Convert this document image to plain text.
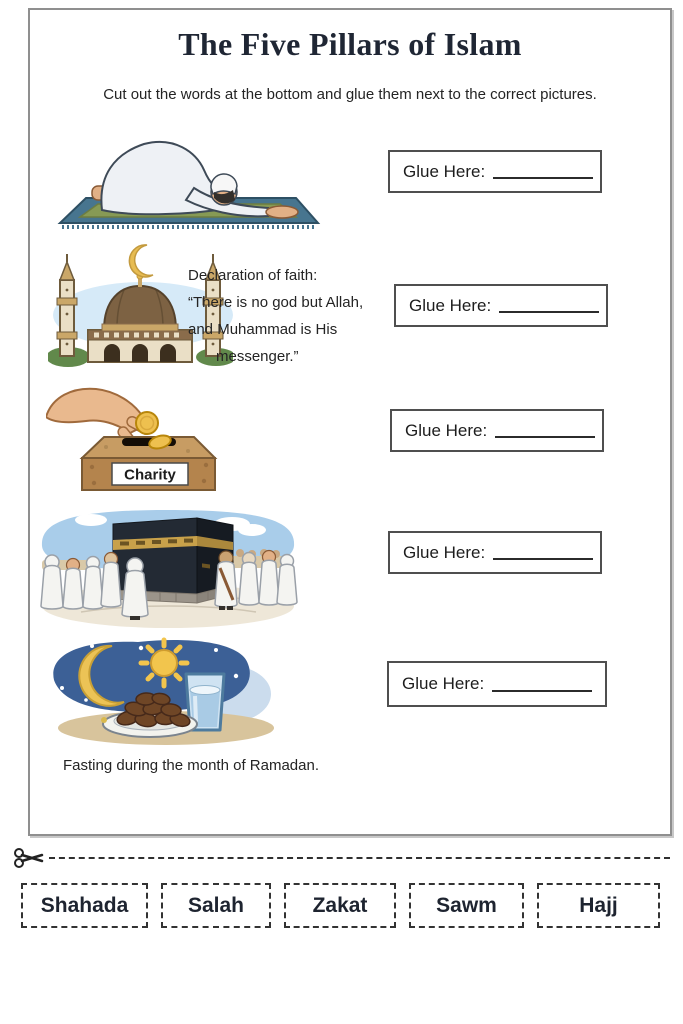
The Five Pillars of Islam
Cut out the words at the bottom and glue them next to the correct pictures.
Glue Here:
Declaration of faith:
“There is no god but Allah,
and Muhammad is His
messenger.”
Glue Here:
Charity
Glue Here:
Glue Here:
Glue Here:
Fasting during the month of Ramadan.
Shahada	Salah	Zakat	Sawm	Hajj
